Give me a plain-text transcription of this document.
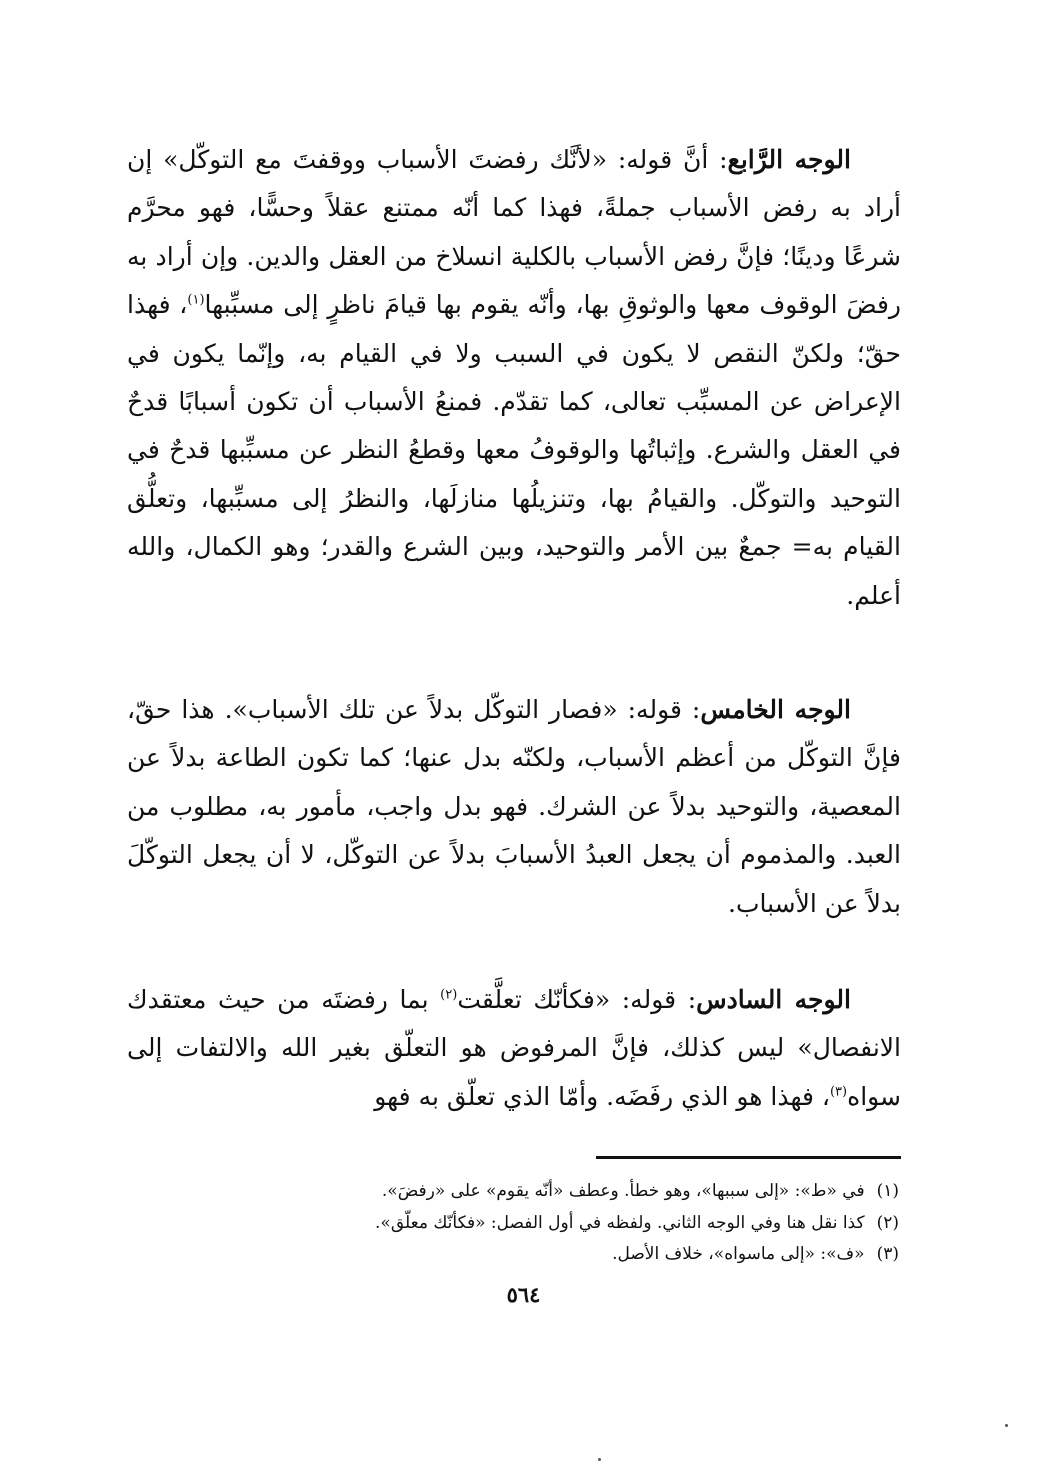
الوجه الرَّابع: أنَّ قوله: «لأنَّك رفضتَ الأسباب ووقفتَ مع التوكّل» إن أراد به رفض الأسباب جملةً، فهذا كما أنّه ممتنع عقلاً وحسًّا، فهو محرَّم شرعًا ودينًا؛ فإنَّ رفض الأسباب بالكلية انسلاخ من العقل والدين. وإن أراد به رفضَ الوقوف معها والوثوقِ بها، وأنّه يقوم بها قيامَ ناظرٍ إلى مسبِّبها$^{(١)}$، فهذا حقّ؛ ولكنّ النقص لا يكون في السبب ولا في القيام به، وإنّما يكون في الإعراض عن المسبِّب تعالى، كما تقدّم. فمنعُ الأسباب أن تكون أسبابًا قدحٌ في العقل والشرع. وإثباتُها والوقوفُ معها وقطعُ النظر عن مسبِّبها قدحٌ في التوحيد والتوكّل. والقيامُ بها، وتنزيلُها منازلَها، والنظرُ إلى مسبِّبها، وتعلُّق القيام به= جمعٌ بين الأمر والتوحيد، وبين الشرع والقدر؛ وهو الكمال، والله أعلم.

الوجه الخامس: قوله: «فصار التوكّل بدلاً عن تلك الأسباب». هذا حقّ، فإنَّ التوكّل من أعظم الأسباب، ولكنّه بدل عنها؛ كما تكون الطاعة بدلاً عن المعصية، والتوحيد بدلاً عن الشرك. فهو بدل واجب، مأمور به، مطلوب من العبد. والمذموم أن يجعل العبدُ الأسبابَ بدلاً عن التوكّل، لا أن يجعل التوكّلَ بدلاً عن الأسباب.

الوجه السادس: قوله: «فكأنّك تعلَّقت$^{(٢)}$ بما رفضتَه من حيث معتقدك الانفصال» ليس كذلك، فإنَّ المرفوض هو التعلّق بغير الله والالتفات إلى سواه$^{(٣)}$، فهذا هو الذي رفَضَه. وأمّا الذي تعلّق به فهو

(١)في «ط»: «إلى سببها»، وهو خطأ. وعطف «أنّه يقوم» على «رفضَ».
(٢)كذا نقل هنا وفي الوجه الثاني. ولفظه في أول الفصل: «فكأنّك معلّق».
(٣)«ف»: «إلى ماسواه»، خلاف الأصل.
٥٦٤
